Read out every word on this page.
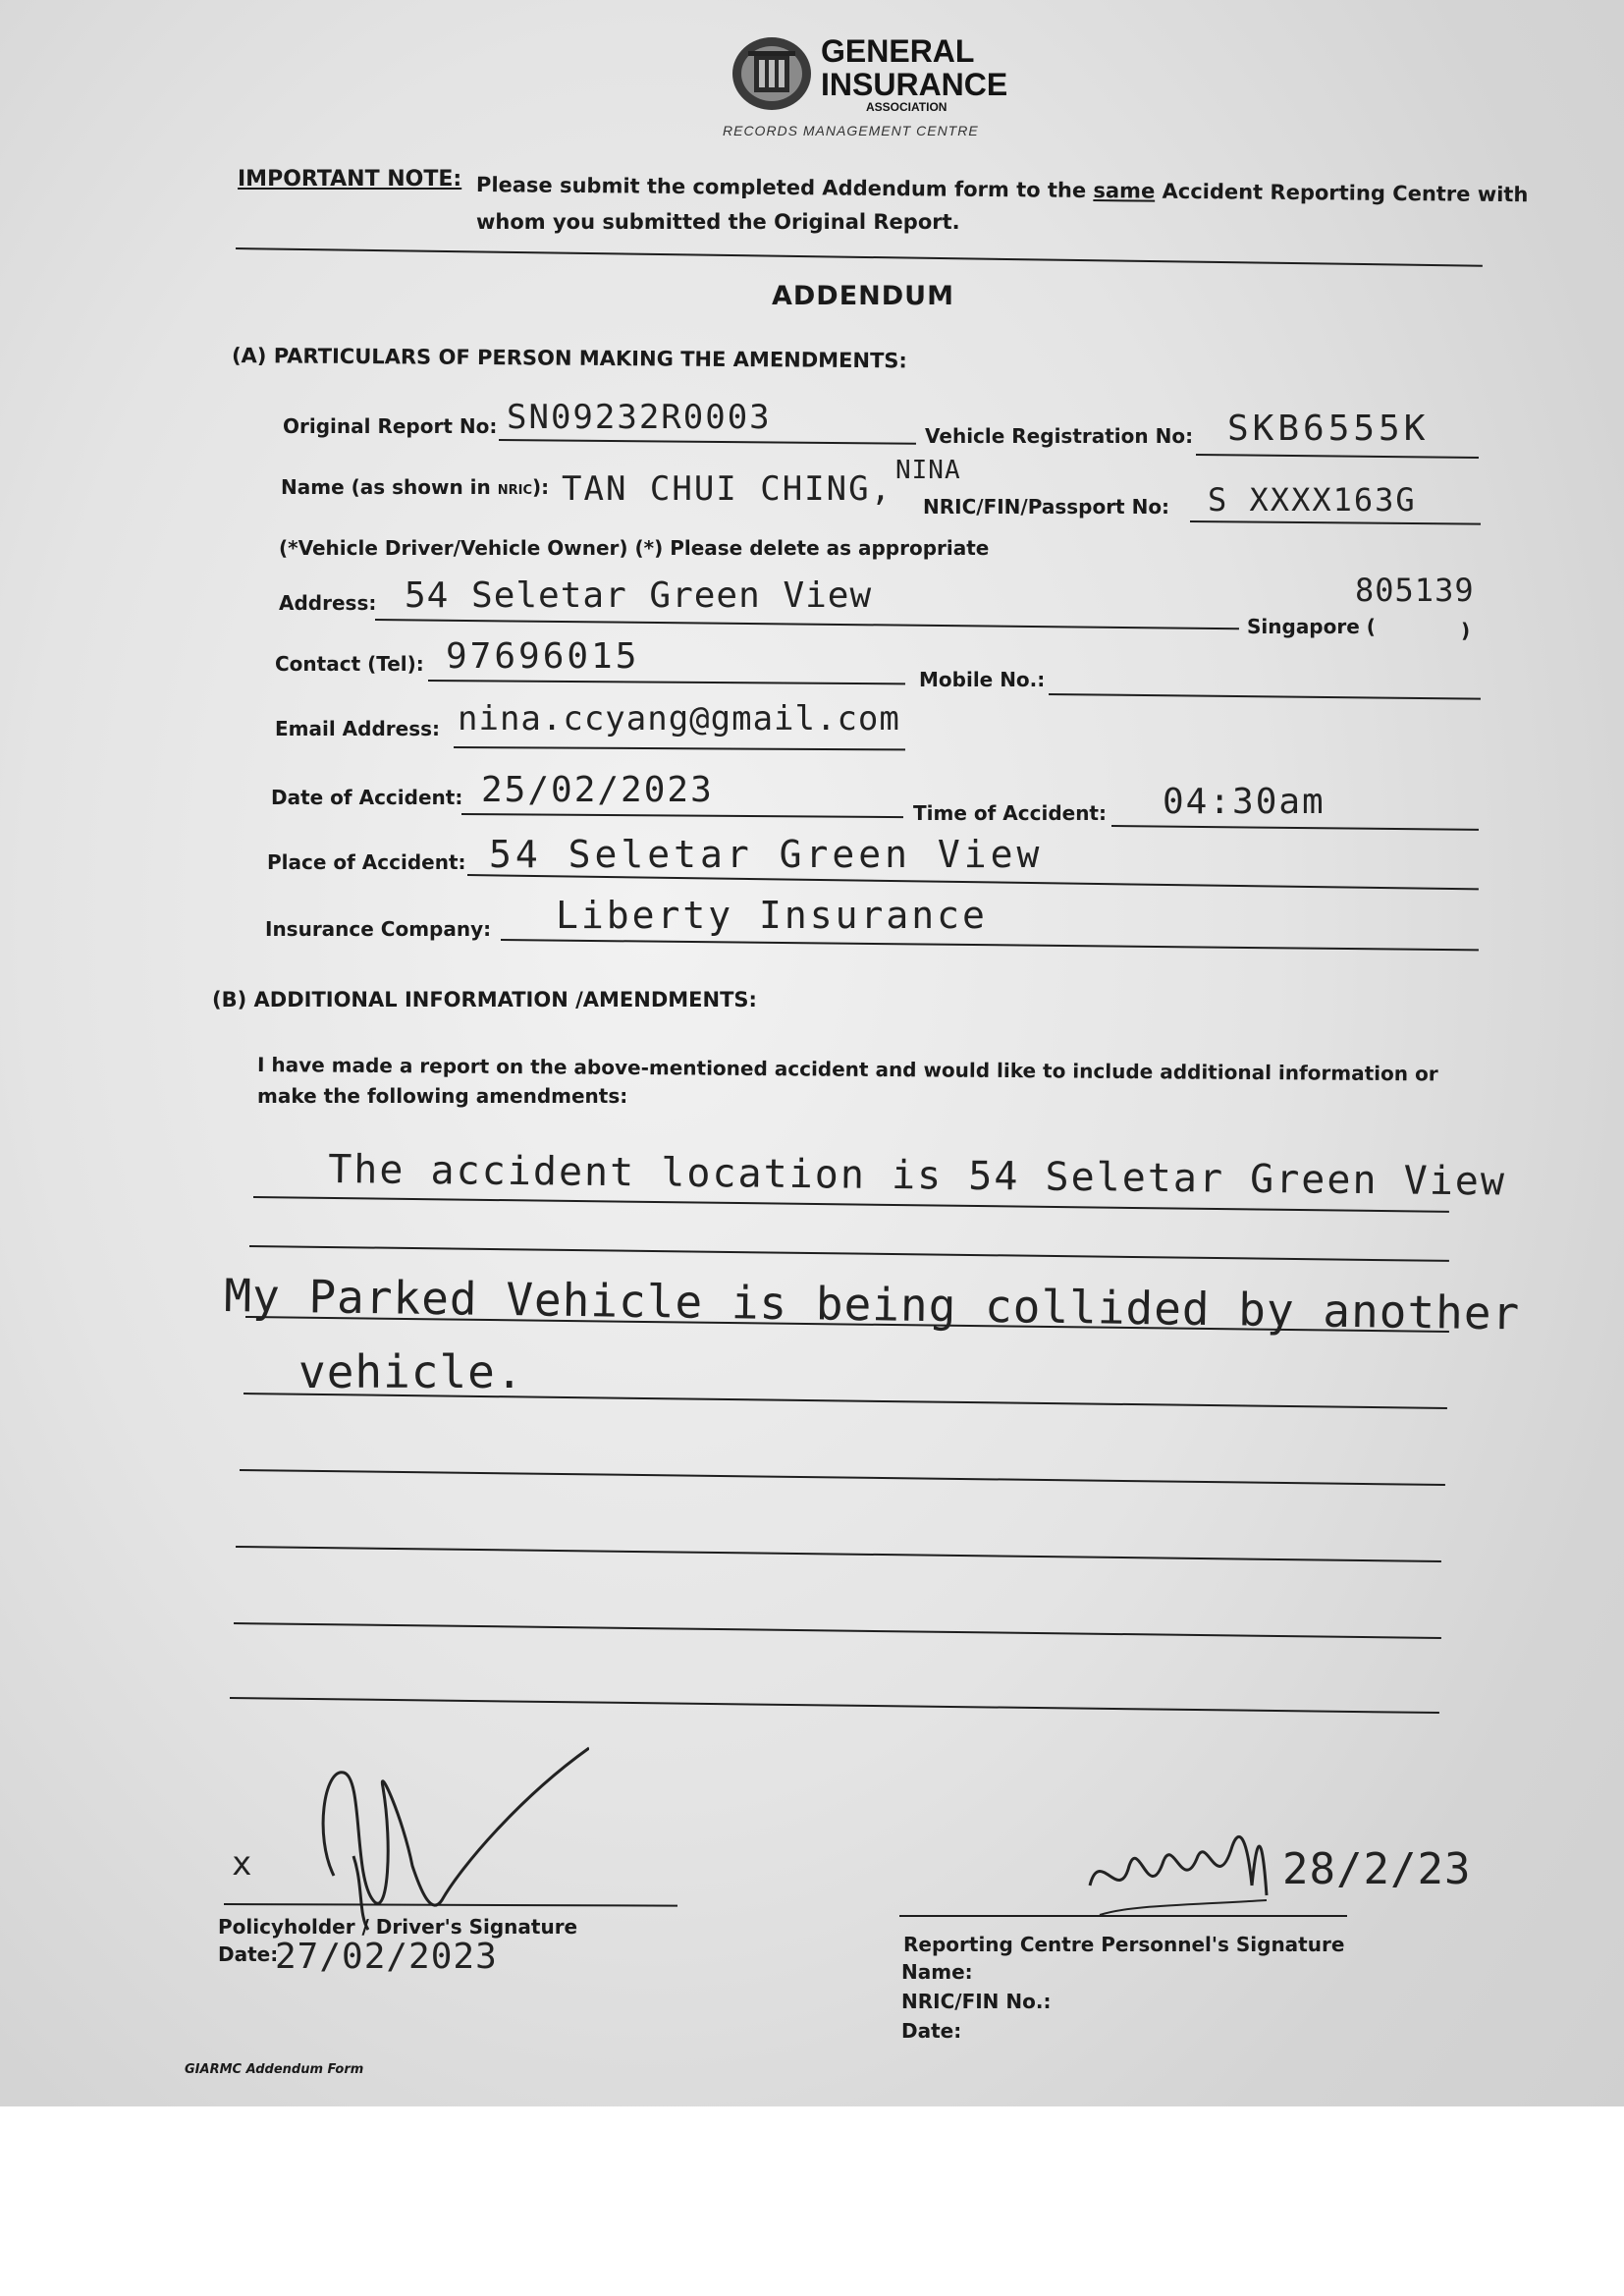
GENERAL
INSURANCE
ASSOCIATION
RECORDS MANAGEMENT CENTRE
IMPORTANT NOTE: Please submit the completed Addendum form to the same Accident Reporting Centre with
whom you submitted the Original Report.
ADDENDUM
(A) PARTICULARS OF PERSON MAKING THE AMENDMENTS:
Original Report No: SN09232R0003	Vehicle Registration No: SKB6555K
Name (as shown in NRIC): TAN CHUI CHING, NINA
NRIC/FIN/Passport No: S XXXX163G
(*Vehicle Driver/Vehicle Owner) (*) Please delete as appropriate
Address: 54 Seletar Green View
Singapore (
805139
)
Contact (Tel): 97696015
Mobile No.:
Email Address: nina.ccyang@gmail.com
Date of Accident: 25/02/2023
Time of Accident: 04:30am
Place of Accident: 54 Seletar Green View
Insurance Company: Liberty Insurance
(B) ADDITIONAL INFORMATION /AMENDMENTS:
I have made a report on the above-mentioned accident and would like to include additional information or
make the following amendments:
The accident location is 54 Seletar Green View
My Parked Vehicle is being collided by another
vehicle.
x
Policyholder / Driver's Signature
Date:
27/02/2023
28/2/23
Reporting Centre Personnel's Signature
Name:
NRIC/FIN No.:
Date:
GIARMC Addendum Form
